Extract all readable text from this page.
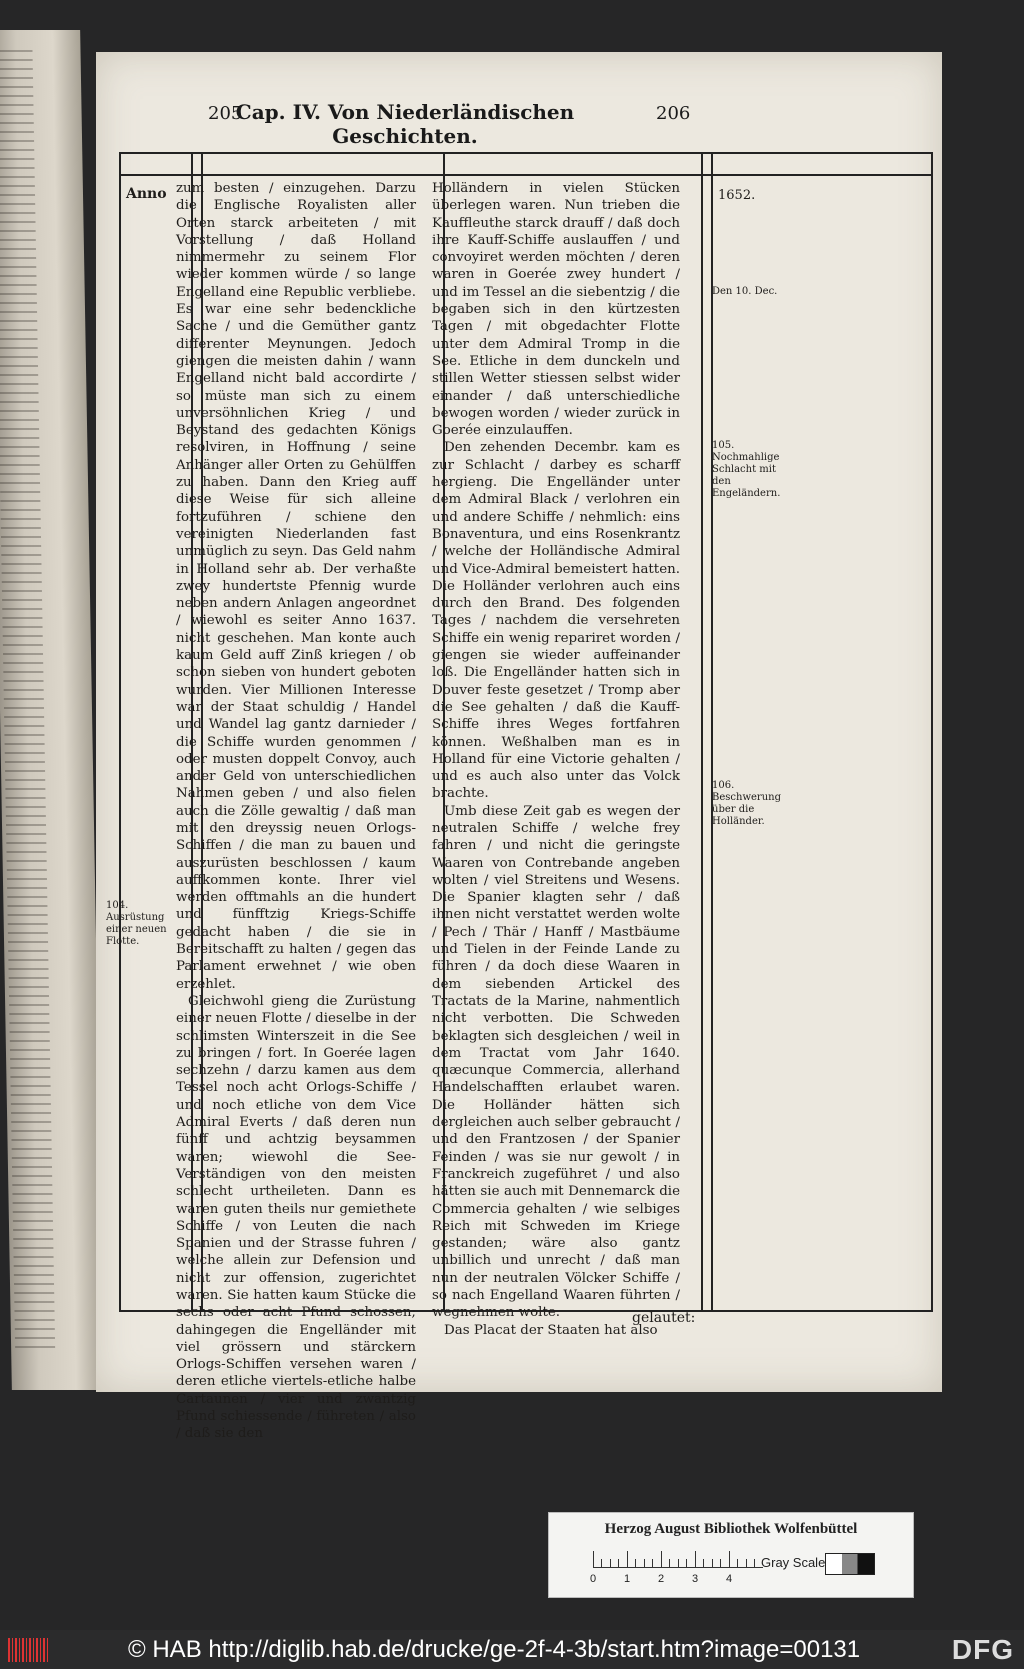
205
Cap. IV. Von Niederländischen Geschichten.
206
Anno	1652.
Den 10. Dec.
104. Ausrüstung einer neuen Flotte.
105. Nochmahlige Schlacht mit den Engeländern.
106. Beschwerung über die Holländer.

zum besten / einzugehen. Darzu die Englische Royalisten aller Orten starck arbeiteten / mit Vorstellung / daß Holland nimmermehr zu seinem Flor wieder kommen würde / so lange Engelland eine Republic verbliebe. Es war eine sehr bedenckliche Sache / und die Gemüther gantz differenter Meynungen. Jedoch giengen die meisten dahin / wann Engelland nicht bald accordirte / so müste man sich zu einem unversöhnlichen Krieg / und Beystand des gedachten Königs resolviren, in Hoffnung / seine Anhänger aller Orten zu Gehülffen zu haben. Dann den Krieg auff diese Weise für sich alleine fortzuführen / schiene den vereinigten Niederlanden fast unmüglich zu seyn. Das Geld nahm in Holland sehr ab. Der verhaßte zwey hundertste Pfennig wurde neben andern Anlagen angeordnet / wiewohl es seiter Anno 1637. nicht geschehen. Man konte auch kaum Geld auff Zinß kriegen / ob schon sieben von hundert geboten wurden. Vier Millionen Interesse war der Staat schuldig / Handel und Wandel lag gantz darnieder / die Schiffe wurden genommen / oder musten doppelt Convoy, auch ander Geld von unterschiedlichen Nahmen geben / und also fielen auch die Zölle gewaltig / daß man mit den dreyssig neuen Orlogs-Schiffen / die man zu bauen und auszurüsten beschlossen / kaum auffkommen konte. Ihrer viel werden offtmahls an die hundert und fünfftzig Kriegs-Schiffe gedacht haben / die sie in Bereitschafft zu halten / gegen das Parlament erwehnet / wie oben erzehlet.

Gleichwohl gieng die Zurüstung einer neuen Flotte / dieselbe in der schlimsten Winterszeit in die See zu bringen / fort. In Goerée lagen sechzehn / darzu kamen aus dem Tessel noch acht Orlogs-Schiffe / und noch etliche von dem Vice Admiral Everts / daß deren nun fünff und achtzig beysammen waren; wiewohl die See-Verständigen von den meisten schlecht urtheileten. Dann es waren guten theils nur gemiethete Schiffe / von Leuten die nach Spanien und der Strasse fuhren / welche allein zur Defension und nicht zur offension, zugerichtet waren. Sie hatten kaum Stücke die sechs oder acht Pfund schossen; dahingegen die Engelländer mit viel grössern und stärckern Orlogs-Schiffen versehen waren / deren etliche viertels-etliche halbe Cartaunen / vier und zwantzig Pfund schiessende / führeten / also / daß sie den

Holländern in vielen Stücken überlegen waren. Nun trieben die Kauffleuthe starck drauff / daß doch ihre Kauff-Schiffe auslauffen / und convoyiret werden möchten / deren waren in Goerée zwey hundert / und im Tessel an die siebentzig / die begaben sich in den kürtzesten Tagen / mit obgedachter Flotte unter dem Admiral Tromp in die See. Etliche in dem dunckeln und stillen Wetter stiessen selbst wider einander / daß unterschiedliche bewogen worden / wieder zurück in Goerée einzulauffen.

Den zehenden Decembr. kam es zur Schlacht / darbey es scharff hergieng. Die Engelländer unter dem Admiral Black / verlohren ein und andere Schiffe / nehmlich: eins Bonaventura, und eins Rosenkrantz / welche der Holländische Admiral und Vice-Admiral bemeistert hatten. Die Holländer verlohren auch eins durch den Brand. Des folgenden Tages / nachdem die versehreten Schiffe ein wenig repariret worden / giengen sie wieder auffeinander loß. Die Engelländer hatten sich in Douver feste gesetzet / Tromp aber die See gehalten / daß die Kauff-Schiffe ihres Weges fortfahren können. Weßhalben man es in Holland für eine Victorie gehalten / und es auch also unter das Volck brachte.

Umb diese Zeit gab es wegen der neutralen Schiffe / welche frey fahren / und nicht die geringste Waaren von Contrebande angeben wolten / viel Streitens und Wesens. Die Spanier klagten sehr / daß ihnen nicht verstattet werden wolte / Pech / Thär / Hanff / Mastbäume und Tielen in der Feinde Lande zu führen / da doch diese Waaren in dem siebenden Artickel des Tractats de la Marine, nahmentlich nicht verbotten. Die Schweden beklagten sich desgleichen / weil in dem Tractat vom Jahr 1640. quæcunque Commercia, allerhand Handelschafften erlaubet waren. Die Holländer hätten sich dergleichen auch selber gebraucht / und den Frantzosen / der Spanier Feinden / was sie nur gewolt / in Franckreich zugeführet / und also hätten sie auch mit Dennemarck die Commercia gehalten / wie selbiges Reich mit Schweden im Kriege gestanden; wäre also gantz unbillich und unrecht / daß man nun der neutralen Völcker Schiffe / so nach Engelland Waaren führten / wegnehmen wolte.

Das Placat der Staaten hat also

gelautet:
Herzog August Bibliothek Wolfenbüttel
0	1	2	3	4
Gray Scale
© HAB http://diglib.hab.de/drucke/ge-2f-4-3b/start.htm?image=00131	DFG
